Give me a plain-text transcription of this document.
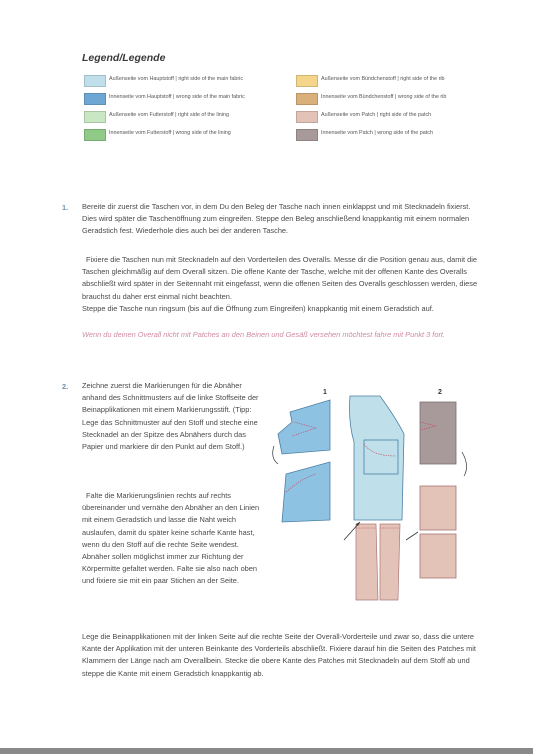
Legend/Legende
Außenseite vom Hauptstoff | right side of the main fabric	Außenseite vom Bündchenstoff | right side of the rib
Innenseite vom Hauptstoff | wrong side of the main fabric	Innenseite vom Bündchenstoff | wrong side of the rib
Außenseite vom Futterstoff | right side of the lining	Außenseite vom Patch | right side of the patch
Innenseite vom Futterstoff | wrong side of the lining	Innenseite vom Patch | wrong side of the patch
1. Bereite dir zuerst die Taschen vor, in dem Du den Beleg der Tasche nach innen einklappst und mit Stecknadeln fixierst. Dies wird später die Taschenöffnung zum eingreifen. Steppe den Beleg anschließend knappkantig mit einem normalen Geradstich fest. Wiederhole dies auch bei der anderen Tasche.

Fixiere die Taschen nun mit Stecknadeln auf den Vorderteilen des Overalls. Messe dir die Position genau aus, damit die Taschen gleichmäßig auf dem Overall sitzen. Die offene Kante der Tasche, welche mit der offenen Kante des Overalls abschließt wird später in der Seitennaht mit eingefasst, wenn die offenen Seiten des Overalls geschlossen werden, diese brauchst du daher erst einmal nicht beachten.

Steppe die Tasche nun ringsum (bis auf die Öffnung zum Eingreifen) knappkantig mit einem Geradstich auf.

Wenn du deinen Overall nicht mit Patches an den Beinen und Gesäß versehen möchtest fahre mit Punkt 3 fort.

2. Zeichne zuerst die Markierungen für die Abnäher anhand des Schnittmusters auf die linke Stoffseite der Beinapplikationen mit einem Markierungsstift. (Tipp: Lege das Schnittmuster auf den Stoff und steche eine Stecknadel an der Spitze des Abnähers durch das Papier und markiere dir den Punkt auf dem Stoff.)

Falte die Markierungslinien rechts auf rechts übereinander und vernähe den Abnäher an den Linien mit einem Geradstich und lasse die Naht weich auslaufen, damit du später keine scharfe Kante hast, wenn du den Stoff auf die rechte Seite wendest. Abnäher sollen möglichst immer zur Richtung der Körpermitte gefaltet werden. Falte sie also nach oben und fixiere sie mit ein paar Stichen an der Seite.

Lege die Beinapplikationen mit der linken Seite auf die rechte Seite der Overall-Vorderteile und zwar so, dass die untere Kante der Applikation mit der unteren Beinkante des Vorderteils abschließt. Fixiere darauf hin die Seiten des Patches mit Klammern der Länge nach am Overallbein. Stecke die obere Kante des Patches mit Stecknadeln auf dem Stoff ab und steppe die Kante mit einem Geradstich knappkantig ab.

1	2
